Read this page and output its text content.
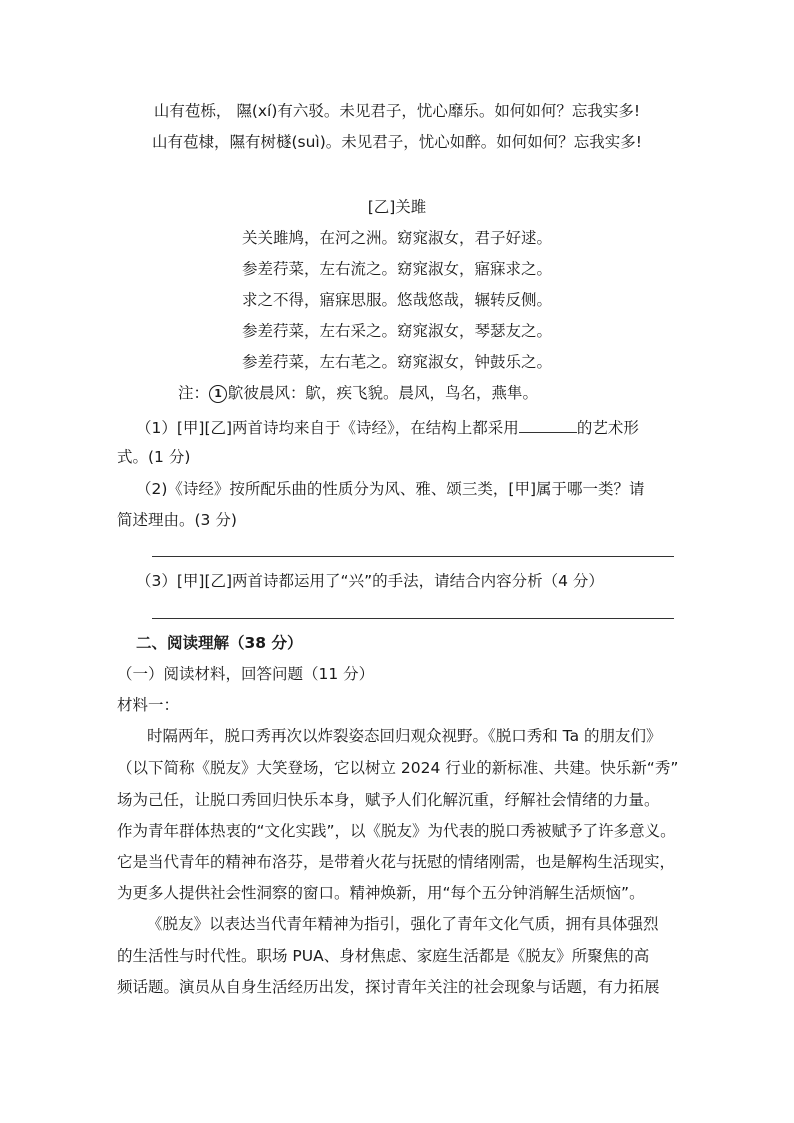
山有苞栎， 隰(xí)有六驳。未见君子，忧心靡乐。如何如何？忘我实多!
山有苞棣，隰有树檖(suì)。未见君子，忧心如醉。如何如何？忘我实多!
[乙]关雎
关关雎鸠，在河之洲。窈窕淑女，君子好逑。
参差荇菜，左右流之。窈窕淑女，寤寐求之。
求之不得，寤寐思服。悠哉悠哉，辗转反侧。
参差荇菜，左右采之。窈窕淑女，琴瑟友之。
参差荇菜，左右芼之。窈窕淑女，钟鼓乐之。
注： 1 鴥彼晨风：鴥，疾飞貌。晨风，鸟名，燕隼。
（1）[甲][乙]两首诗均来自于《诗经》，在结构上都采用	的艺术形
式。(1 分)
（2)《诗经》按所配乐曲的性质分为风、雅、颂三类，[甲]属于哪一类？请
简述理由。(3 分)
（3）[甲][乙]两首诗都运用了“兴”的手法，请结合内容分析（4 分）
二、阅读理解（38 分）
（一）阅读材料，回答问题（11 分）
材料一：
时隔两年，脱口秀再次以炸裂姿态回归观众视野。《脱口秀和 Ta 的朋友们》
（以下简称《脱友》大笑登场，它以树立 2024 行业的新标准、共建。快乐新“秀”
场为己任，让脱口秀回归快乐本身，赋予人们化解沉重，纾解社会情绪的力量。
作为青年群体热衷的“文化实践”，以《脱友》为代表的脱口秀被赋予了许多意义。
它是当代青年的精神布洛芬，是带着火花与抚慰的情绪刚需，也是解构生活现实，
为更多人提供社会性洞察的窗口。精神焕新，用“每个五分钟消解生活烦恼”。
《脱友》以表达当代青年精神为指引，强化了青年文化气质，拥有具体强烈
的生活性与时代性。职场 PUA、身材焦虑、家庭生活都是《脱友》所聚焦的高
频话题。演员从自身生活经历出发，探讨青年关注的社会现象与话题，有力拓展
